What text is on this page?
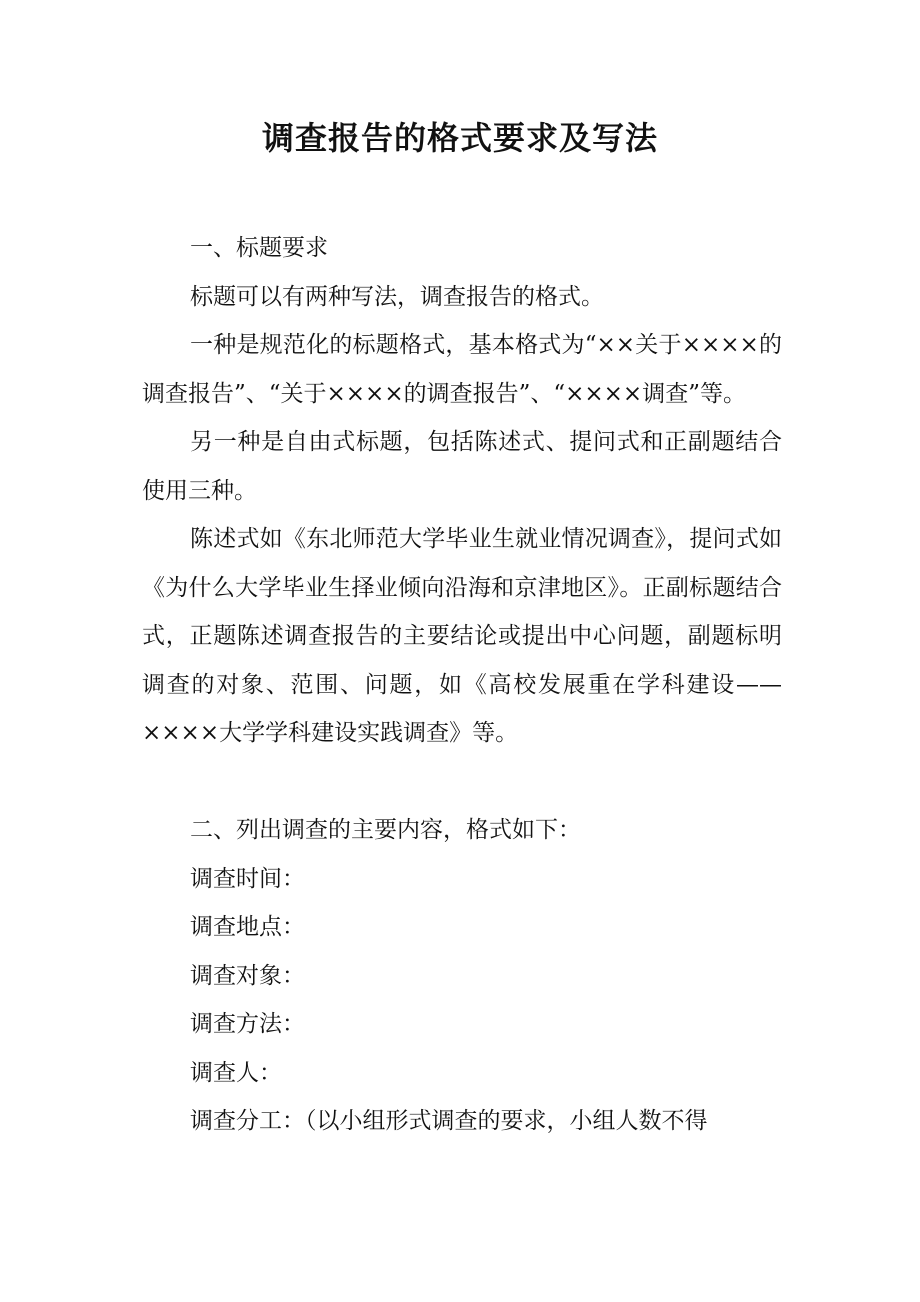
调查报告的格式要求及写法

一、标题要求

标题可以有两种写法，调查报告的格式。

一种是规范化的标题格式，基本格式为“××关于××××的调查报告”、“关于××××的调查报告”、“××××调查”等。

另一种是自由式标题，包括陈述式、提问式和正副题结合使用三种。

陈述式如《东北师范大学毕业生就业情况调查》，提问式如《为什么大学毕业生择业倾向沿海和京津地区》。正副标题结合式，正题陈述调查报告的主要结论或提出中心问题，副题标明调查的对象、范围、问题，如《高校发展重在学科建设——××××大学学科建设实践调查》等。

二、列出调查的主要内容，格式如下：

调查时间：

调查地点：

调查对象：

调查方法：

调查人：

调查分工：（以小组形式调查的要求，小组人数不得
